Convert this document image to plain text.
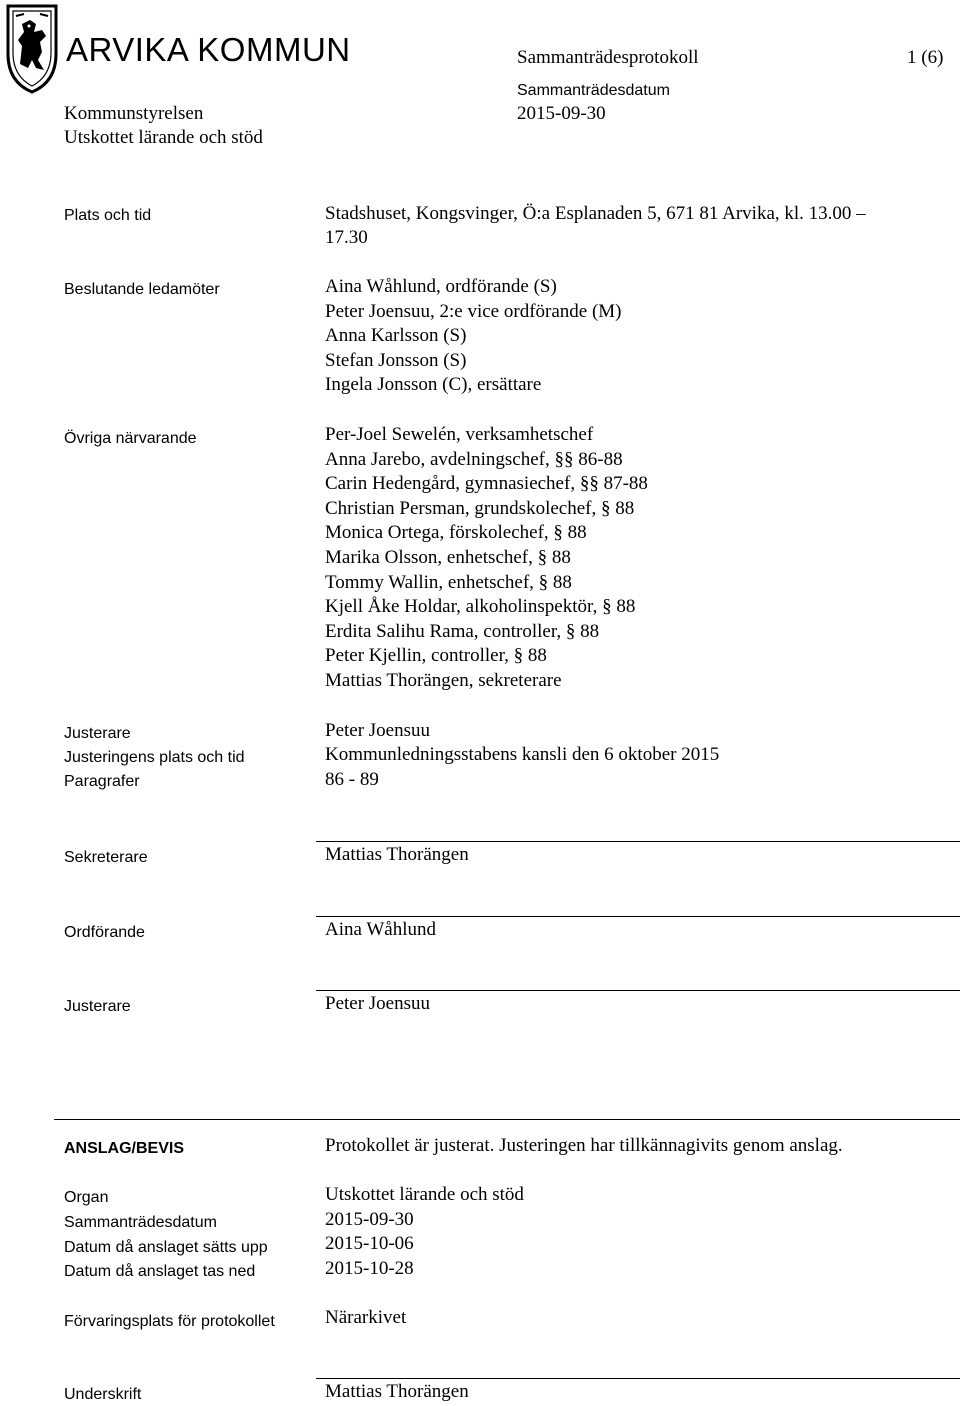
ARVIKA KOMMUN	Sammanträdesprotokoll	1 (6)
Sammanträdesdatum
2015-09-30
Kommunstyrelsen
Utskottet lärande och stöd
Plats och tid	Stadshuset, Kongsvinger, Ö:a Esplanaden 5, 671 81 Arvika, kl. 13.00 –
17.30
Beslutande ledamöter	Aina Wåhlund, ordförande (S)
Peter Joensuu, 2:e vice ordförande (M)
Anna Karlsson (S)
Stefan Jonsson (S)
Ingela Jonsson (C), ersättare
Övriga närvarande	Per-Joel Sewelén, verksamhetschef
Anna Jarebo, avdelningschef, §§ 86-88
Carin Hedengård, gymnasiechef, §§ 87-88
Christian Persman, grundskolechef, § 88
Monica Ortega, förskolechef, § 88
Marika Olsson, enhetschef, § 88
Tommy Wallin, enhetschef, § 88
Kjell Åke Holdar, alkoholinspektör, § 88
Erdita Salihu Rama, controller, § 88
Peter Kjellin, controller, § 88
Mattias Thorängen, sekreterare
Justerare	Peter Joensuu
Justeringens plats och tid	Kommunledningsstabens kansli den 6 oktober 2015
Paragrafer	86 - 89
Sekreterare	Mattias Thorängen
Ordförande	Aina Wåhlund
Justerare	Peter Joensuu
ANSLAG/BEVIS	Protokollet är justerat. Justeringen har tillkännagivits genom anslag.
Organ	Utskottet lärande och stöd
Sammanträdesdatum	2015-09-30
Datum då anslaget sätts upp	2015-10-06
Datum då anslaget tas ned	2015-10-28
Förvaringsplats för protokollet	Närarkivet
Underskrift	Mattias Thorängen
